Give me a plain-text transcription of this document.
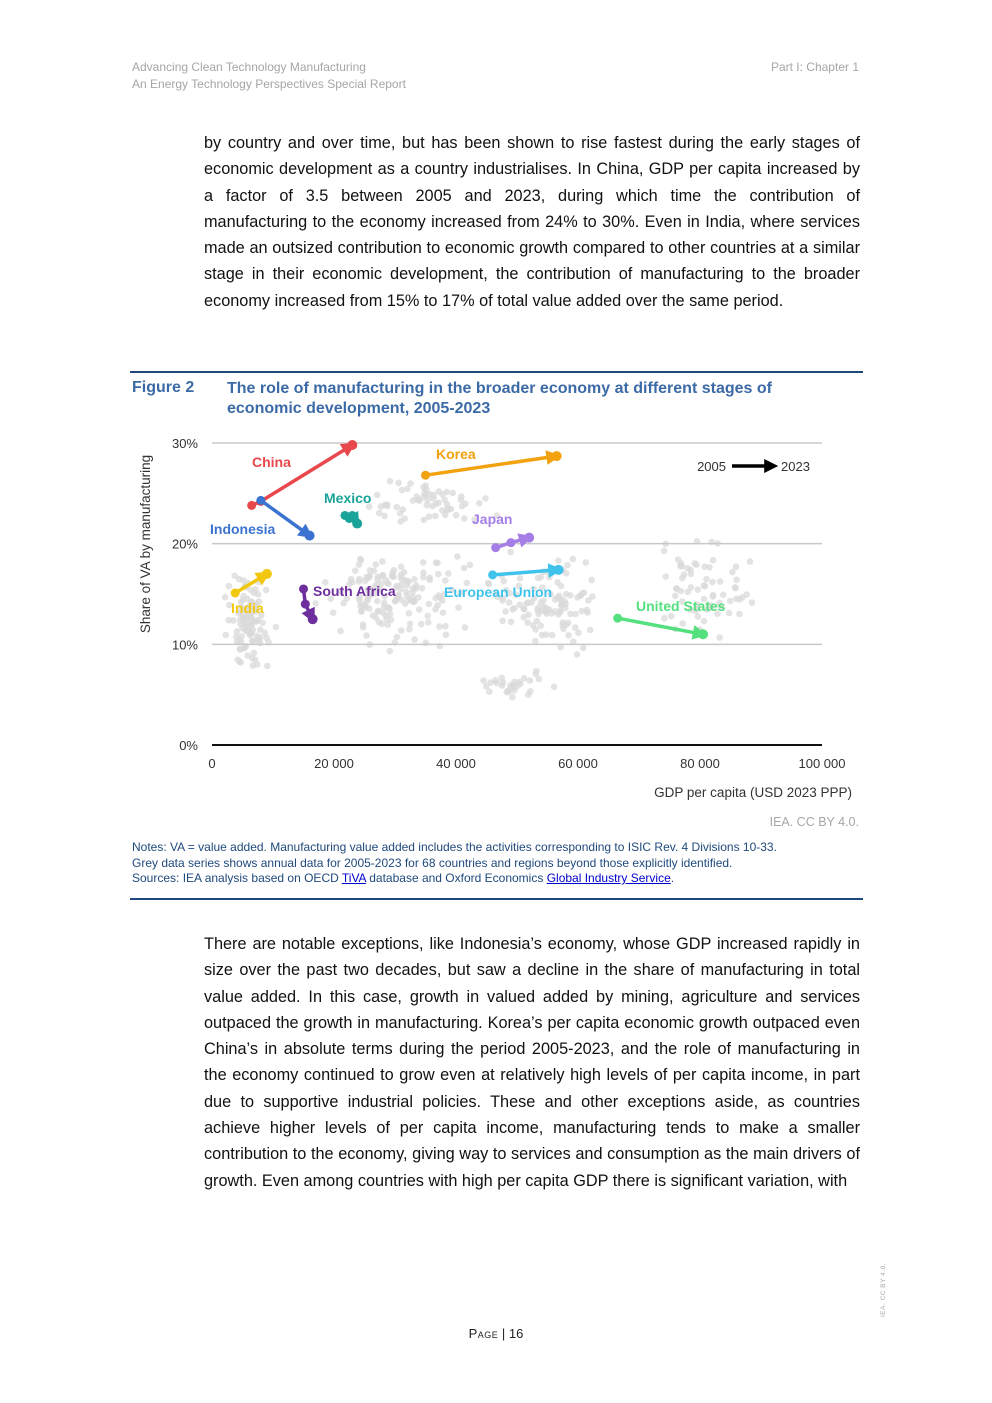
Advancing Clean Technology Manufacturing
An Energy Technology Perspectives Special Report
Part I: Chapter 1

by country and over time, but has been shown to rise fastest during the early stages of economic development as a country industrialises. In China, GDP per capita increased by a factor of 3.5 between 2005 and 2023, during which time the contribution of manufacturing to the economy increased from 24% to 30%. Even in India, where services made an outsized contribution to economic growth compared to other countries at a similar stage in their economic development, the contribution of manufacturing to the broader economy increased from 15% to 17% of total value added over the same period.

Figure 2 The role of manufacturing in the broader economy at different stages of economic development, 2005-2023
0%
10%
20%
30%
0	20 000	40 000	60 000	80 000	100 000
GDP per capita (USD 2023 PPP)
Share of VA by manufacturing	China	Korea
Mexico
Indonesia
Japan
India
South Africa	European Union
United States
2005	2023
IEA. CC BY 4.0.
Notes: VA = value added. Manufacturing value added includes the activities corresponding to ISIC Rev. 4 Divisions 10-33.
Grey data series shows annual data for 2005-2023 for 68 countries and regions beyond those explicitly identified.
Sources: IEA analysis based on OECD TiVA database and Oxford Economics Global Industry Service.

There are notable exceptions, like Indonesia’s economy, whose GDP increased rapidly in size over the past two decades, but saw a decline in the share of manufacturing in total value added. In this case, growth in valued added by mining, agriculture and services outpaced the growth in manufacturing. Korea’s per capita economic growth outpaced even China’s in absolute terms during the period 2005-2023, and the role of manufacturing in the economy continued to grow even at relatively high levels of per capita income, in part due to supportive industrial policies. These and other exceptions aside, as countries achieve higher levels of per capita income, manufacturing tends to make a smaller contribution to the economy, giving way to services and consumption as the main drivers of growth. Even among countries with high per capita GDP there is significant variation, with

Page | 16
IEA. CC BY 4.0.
